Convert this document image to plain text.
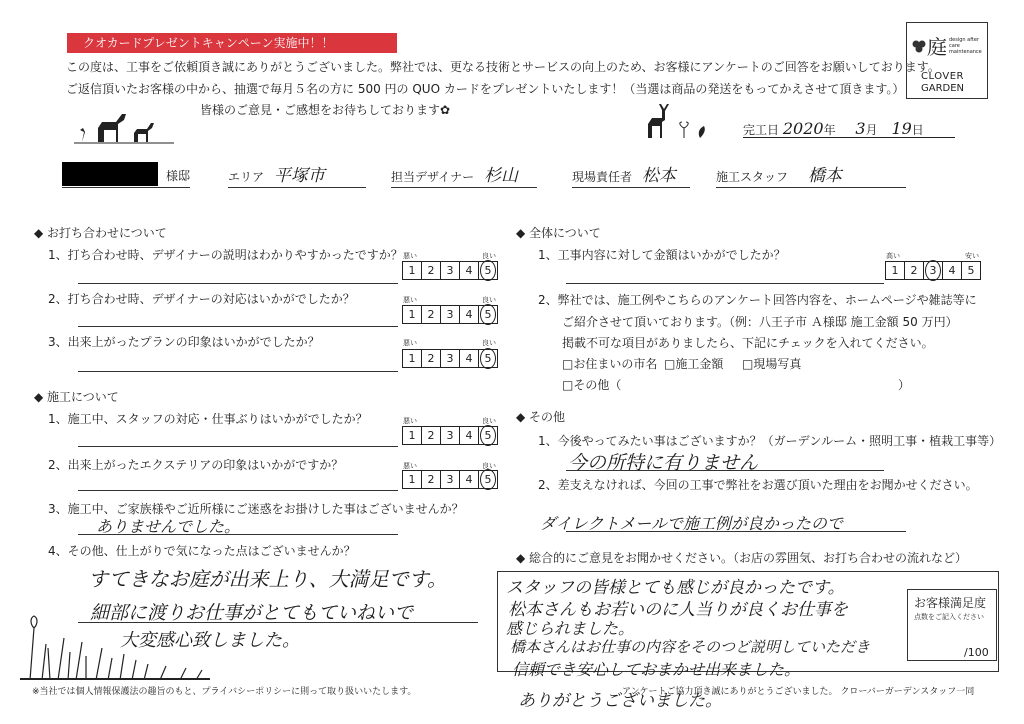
クオカードプレゼントキャンペーン実施中！！
この度は、工事をご依頼頂き誠にありがとうございました。弊社では、更なる技術とサービスの向上のため、お客様にアンケートのご回答をお願いしております。
ご返信頂いたお客様の中から、抽選で毎月５名の方に 500 円の QUO カードをプレゼントいたします！（当選は商品の発送をもってかえさせて頂きます。）
皆様のご意見・ご感想をお待ちしております✿
庭 design after care maintenance
CLOVER
GARDEN
完工日 2020年 3月 19日
様邸	エリア 平塚市	担当デザイナー 杉山	現場責任者 松本	施工スタッフ 橋本
◆ お打ち合わせについて
1、打ち合わせ時、デザイナーの説明はわかりやすかったですか？ 悪い	良い
1	2	3	4	5
2、打ち合わせ時、デザイナーの対応はいかがでしたか？	悪い	良い
1	2	3	4	5
3、出来上がったプランの印象はいかがでしたか？	悪い	良い
1	2	3	4	5
◆ 施工について
1、施工中、スタッフの対応・仕事ぶりはいかがでしたか？	悪い	良い
1	2	3	4	5
2、出来上がったエクステリアの印象はいかがですか？	悪い	良い
1	2	3	4	5
3、施工中、ご家族様やご近所様にご迷惑をお掛けした事はございませんか？
ありませんでした。
4、その他、仕上がりで気になった点はございませんか？
すてきなお庭が出来上り、大満足です。
細部に渡りお仕事がとてもていねいで
大変感心致しました。
◆ 全体について
1、工事内容に対して金額はいかがでしたか？	高い	安い
1	2	3	4	5
2、弊社では、施工例やこちらのアンケート回答内容を、ホームページや雑誌等に
ご紹介させて頂いております。（例：八王子市 Ａ様邸 施工金額 50 万円）
掲載不可な項目がありましたら、下記にチェックを入れてください。
□お住まいの市名 □施工金額 □現場写真
□その他（	）
◆ その他
1、今後やってみたい事はございますか？（ガーデンルーム・照明工事・植栽工事等）
今の所特に有りません
2、差支えなければ、今回の工事で弊社をお選び頂いた理由をお聞かせください。
ダイレクトメールで施工例が良かったので
◆ 総合的にご意見をお聞かせください。（お店の雰囲気、お打ち合わせの流れなど）
お客様満足度
点数をご記入ください
/100
スタッフの皆様とても感じが良かったです。
松本さんもお若いのに人当りが良くお仕事を
感じられました。
橋本さんはお仕事の内容をそのつど説明していただき
信頼でき安心しておまかせ出来ました。
ありがとうございました。
※当社では個人情報保護法の趣旨のもと、プライバシーポリシーに則って取り扱いいたします。	アンケートご協力頂き誠にありがとうございました。 クローバーガーデンスタッフ一同
